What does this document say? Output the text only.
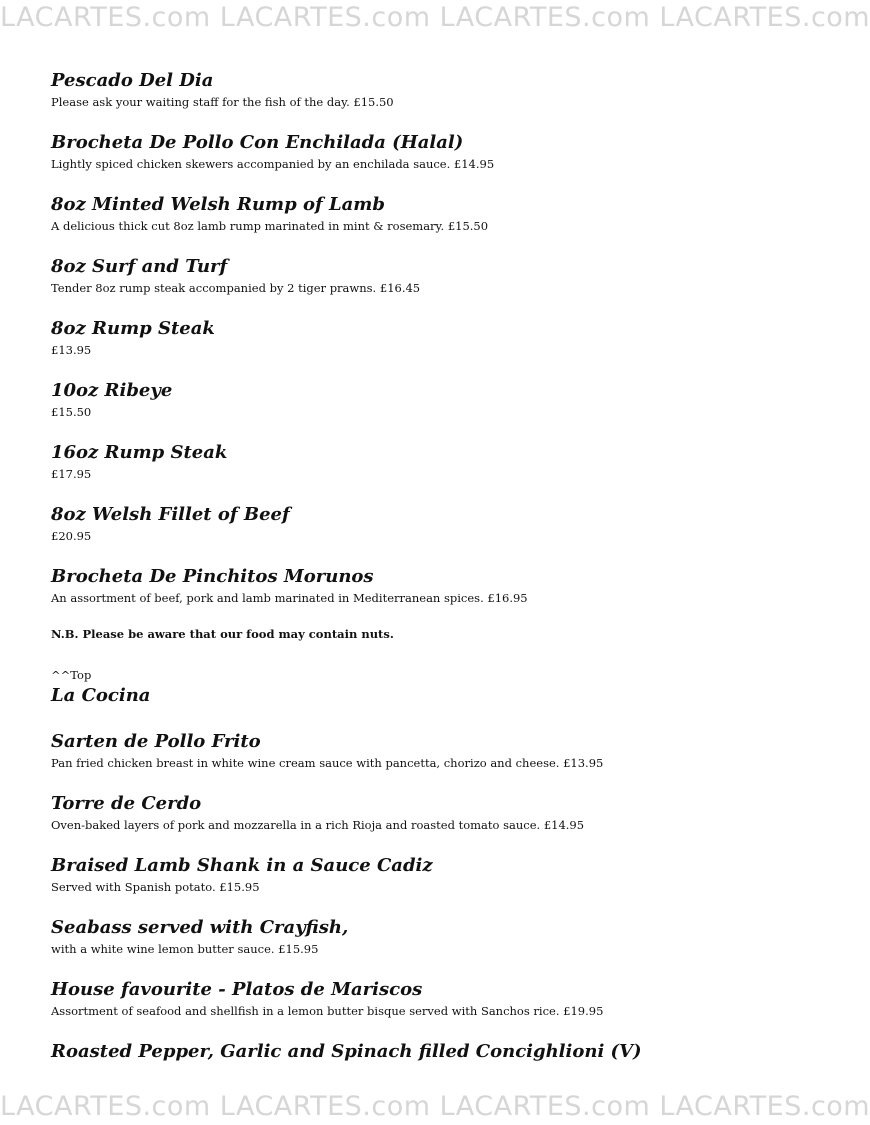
LACARTES.com LACARTES.com LACARTES.com LACARTES.com

Pescado Del Dia

Please ask your waiting staff for the fish of the day. £15.50

Brocheta De Pollo Con Enchilada (Halal)

Lightly spiced chicken skewers accompanied by an enchilada sauce. £14.95

8oz Minted Welsh Rump of Lamb

A delicious thick cut 8oz lamb rump marinated in mint & rosemary. £15.50

8oz Surf and Turf

Tender 8oz rump steak accompanied by 2 tiger prawns. £16.45

8oz Rump Steak

£13.95

10oz Ribeye

£15.50

16oz Rump Steak

£17.95

8oz Welsh Fillet of Beef

£20.95

Brocheta De Pinchitos Morunos

An assortment of beef, pork and lamb marinated in Mediterranean spices. £16.95

N.B. Please be aware that our food may contain nuts.

^^Top

La Cocina

Sarten de Pollo Frito

Pan fried chicken breast in white wine cream sauce with pancetta, chorizo and cheese. £13.95

Torre de Cerdo

Oven-baked layers of pork and mozzarella in a rich Rioja and roasted tomato sauce. £14.95

Braised Lamb Shank in a Sauce Cadiz

Served with Spanish potato. £15.95

Seabass served with Crayfish,

with a white wine lemon butter sauce. £15.95

House favourite - Platos de Mariscos

Assortment of seafood and shellfish in a lemon butter bisque served with Sanchos rice. £19.95

Roasted Pepper, Garlic and Spinach filled Concighlioni (V)

LACARTES.com LACARTES.com LACARTES.com LACARTES.com
